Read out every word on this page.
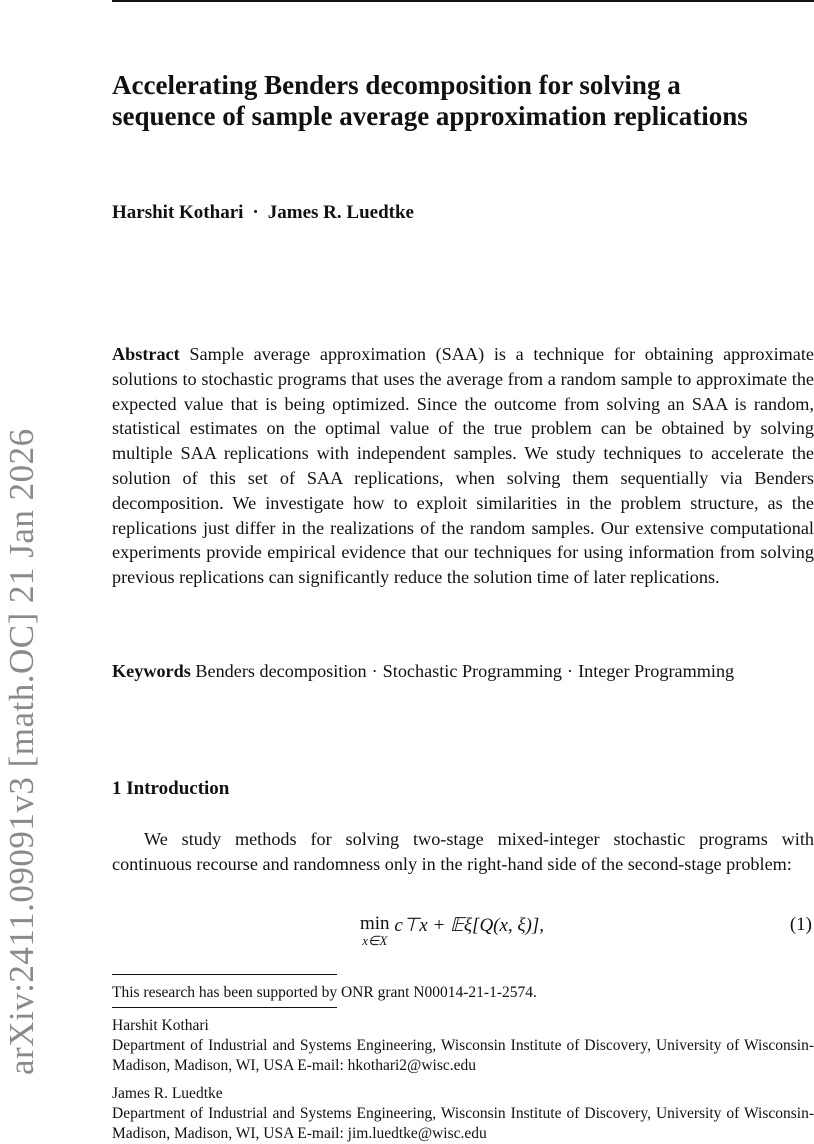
arXiv:2411.09091v3 [math.OC] 21 Jan 2026
Accelerating Benders decomposition for solving a sequence of sample average approximation replications
Harshit Kothari · James R. Luedtke

Abstract Sample average approximation (SAA) is a technique for obtaining approximate solutions to stochastic programs that uses the average from a random sample to approximate the expected value that is being optimized. Since the outcome from solving an SAA is random, statistical estimates on the optimal value of the true problem can be obtained by solving multiple SAA replications with independent samples. We study techniques to accelerate the solution of this set of SAA replications, when solving them sequentially via Benders decomposition. We investigate how to exploit similarities in the problem structure, as the replications just differ in the realizations of the random samples. Our extensive computational experiments provide empirical evidence that our techniques for using information from solving previous replications can significantly reduce the solution time of later replications.

Keywords Benders decomposition · Stochastic Programming · Integer Programming

1 Introduction

We study methods for solving two-stage mixed-integer stochastic programs with continuous recourse and randomness only in the right-hand side of the second-stage problem:

min
x∈X
c⊤x + 𝔼ξ[Q(x, ξ)],	(1)
This research has been supported by ONR grant N00014-21-1-2574.
Harshit Kothari
Department of Industrial and Systems Engineering, Wisconsin Institute of Discovery, University of Wisconsin-Madison, Madison, WI, USA E-mail: hkothari2@wisc.edu
James R. Luedtke
Department of Industrial and Systems Engineering, Wisconsin Institute of Discovery, University of Wisconsin-Madison, Madison, WI, USA E-mail: jim.luedtke@wisc.edu
